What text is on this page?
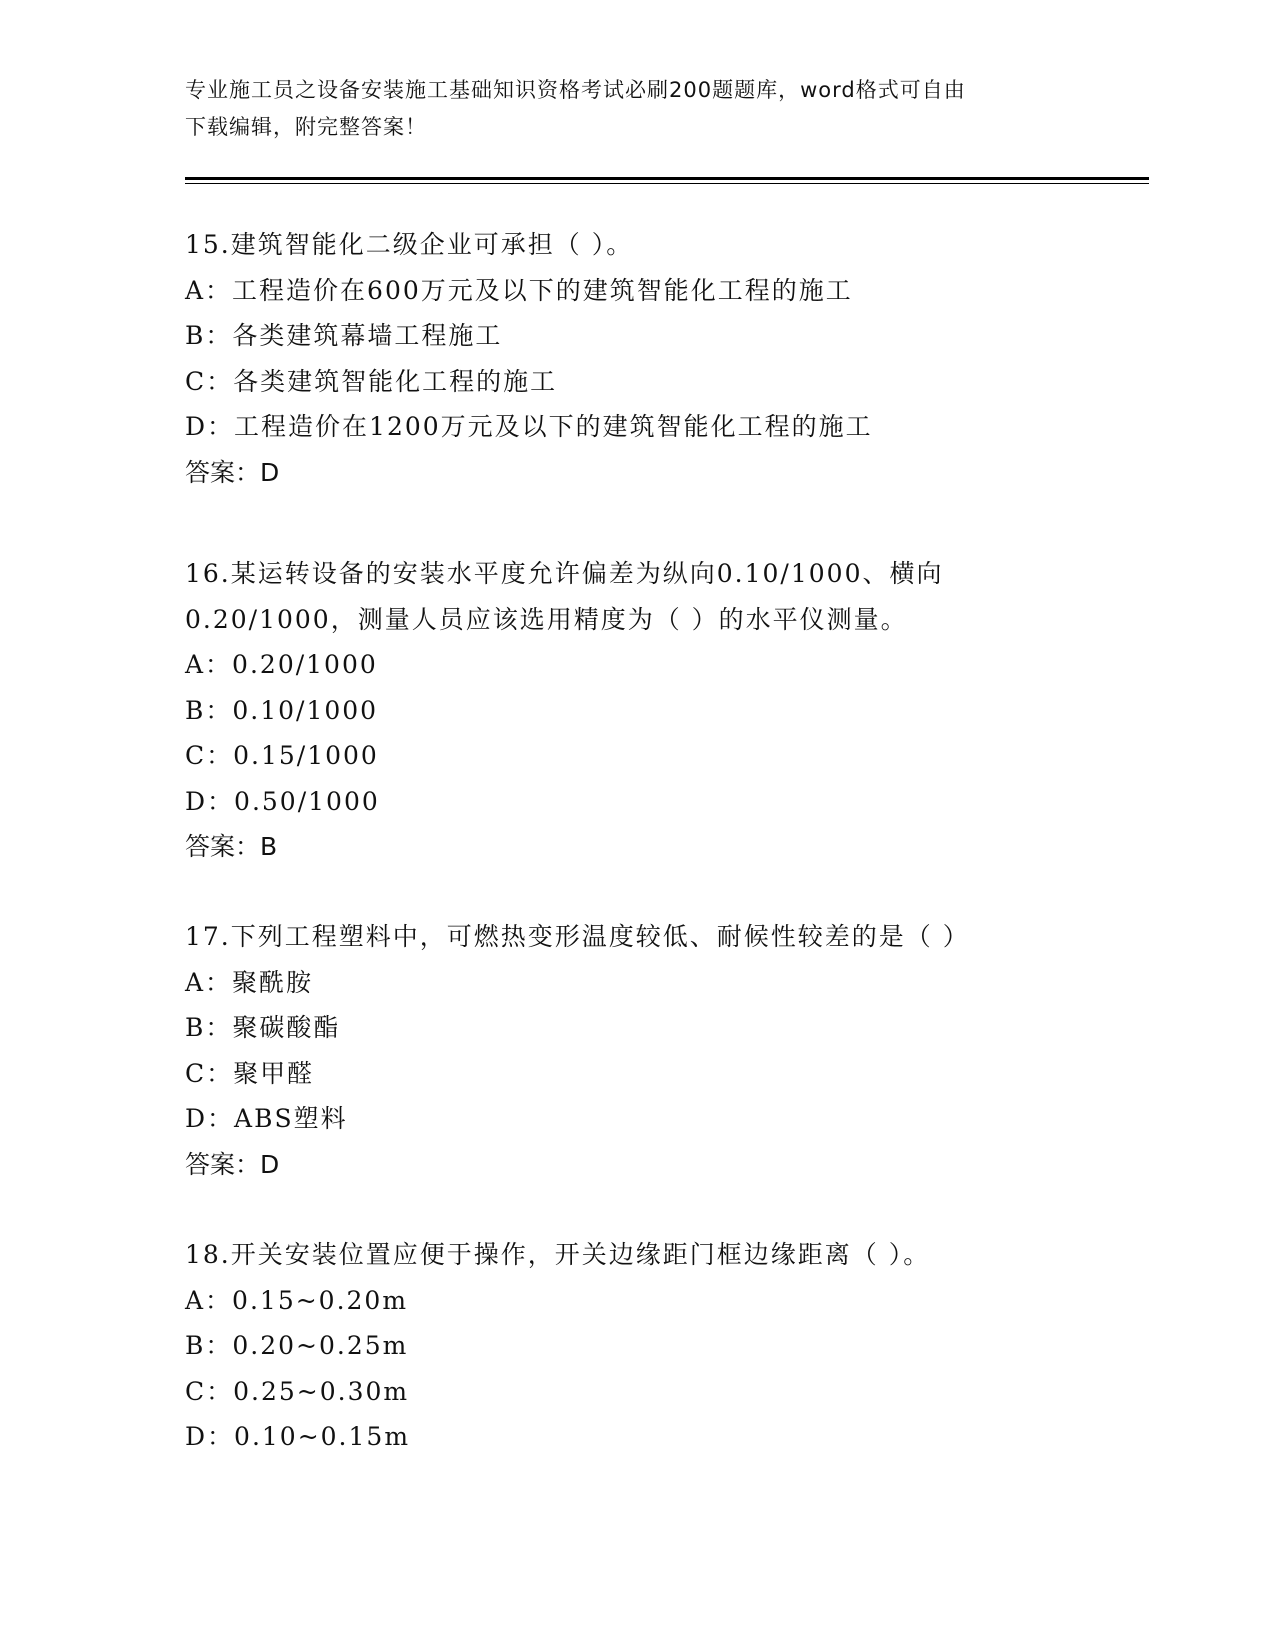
专业施工员之设备安装施工基础知识资格考试必刷200题题库，word格式可自由
下载编辑，附完整答案！
15.建筑智能化二级企业可承担（ ）。
A：工程造价在600万元及以下的建筑智能化工程的施工
B：各类建筑幕墙工程施工
C：各类建筑智能化工程的施工
D：工程造价在1200万元及以下的建筑智能化工程的施工
答案：D
16.某运转设备的安装水平度允许偏差为纵向0.10/1000、横向
0.20/1000，测量人员应该选用精度为（ ）的水平仪测量。
A：0.20/1000
B：0.10/1000
C：0.15/1000
D：0.50/1000
答案：B
17.下列工程塑料中，可燃热变形温度较低、耐候性较差的是（ ）
A：聚酰胺
B：聚碳酸酯
C：聚甲醛
D：ABS塑料
答案：D
18.开关安装位置应便于操作，开关边缘距门框边缘距离（ ）。
A：0.15~0.20m
B：0.20~0.25m
C：0.25~0.30m
D：0.10~0.15m
